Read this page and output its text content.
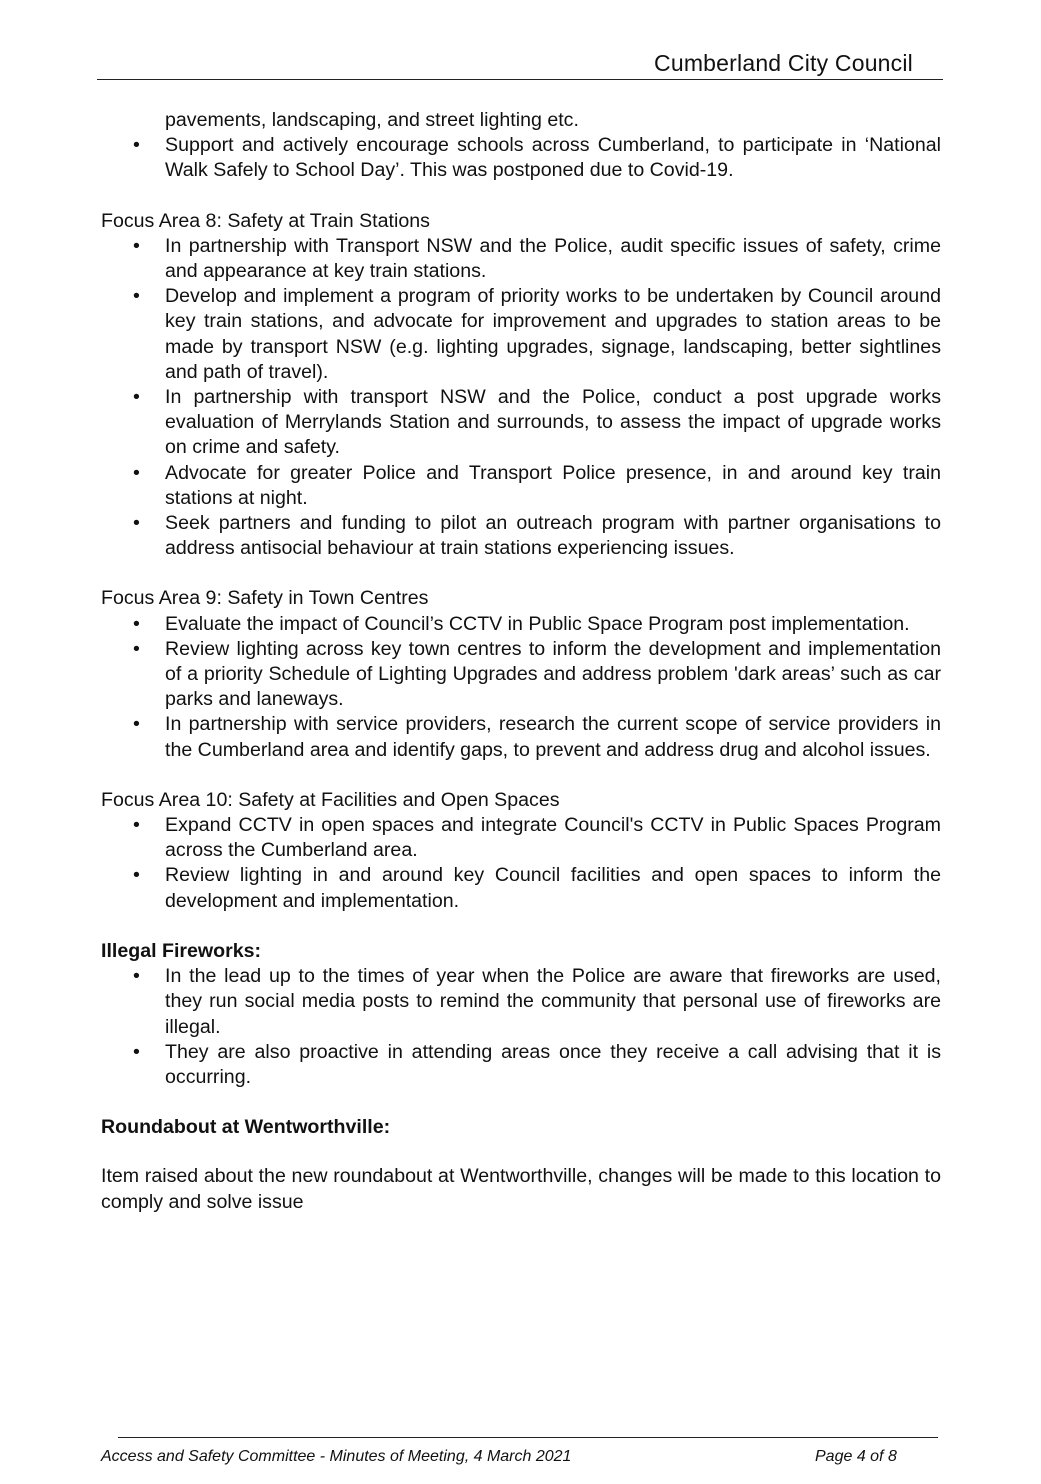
Cumberland City Council
pavements, landscaping, and street lighting etc.
• Support and actively encourage schools across Cumberland, to participate in ‘National Walk Safely to School Day’. This was postponed due to Covid-19.
Focus Area 8: Safety at Train Stations
• In partnership with Transport NSW and the Police, audit specific issues of safety, crime and appearance at key train stations.
• Develop and implement a program of priority works to be undertaken by Council around key train stations, and advocate for improvement and upgrades to station areas to be made by transport NSW (e.g. lighting upgrades, signage, landscaping, better sightlines and path of travel).
• In partnership with transport NSW and the Police, conduct a post upgrade works evaluation of Merrylands Station and surrounds, to assess the impact of upgrade works on crime and safety.
• Advocate for greater Police and Transport Police presence, in and around key train stations at night.
• Seek partners and funding to pilot an outreach program with partner organisations to address antisocial behaviour at train stations experiencing issues.
Focus Area 9: Safety in Town Centres
• Evaluate the impact of Council’s CCTV in Public Space Program post implementation.
• Review lighting across key town centres to inform the development and implementation of a priority Schedule of Lighting Upgrades and address problem 'dark areas’ such as car parks and laneways.
• In partnership with service providers, research the current scope of service providers in the Cumberland area and identify gaps, to prevent and address drug and alcohol issues.
Focus Area 10: Safety at Facilities and Open Spaces
• Expand CCTV in open spaces and integrate Council's CCTV in Public Spaces Program across the Cumberland area.
• Review lighting in and around key Council facilities and open spaces to inform the development and implementation.
Illegal Fireworks:
• In the lead up to the times of year when the Police are aware that fireworks are used, they run social media posts to remind the community that personal use of fireworks are illegal.
• They are also proactive in attending areas once they receive a call advising that it is occurring.
Roundabout at Wentworthville:
Item raised about the new roundabout at Wentworthville, changes will be made to this location to comply and solve issue
Access and Safety Committee - Minutes of Meeting, 4 March 2021	Page 4 of 8
